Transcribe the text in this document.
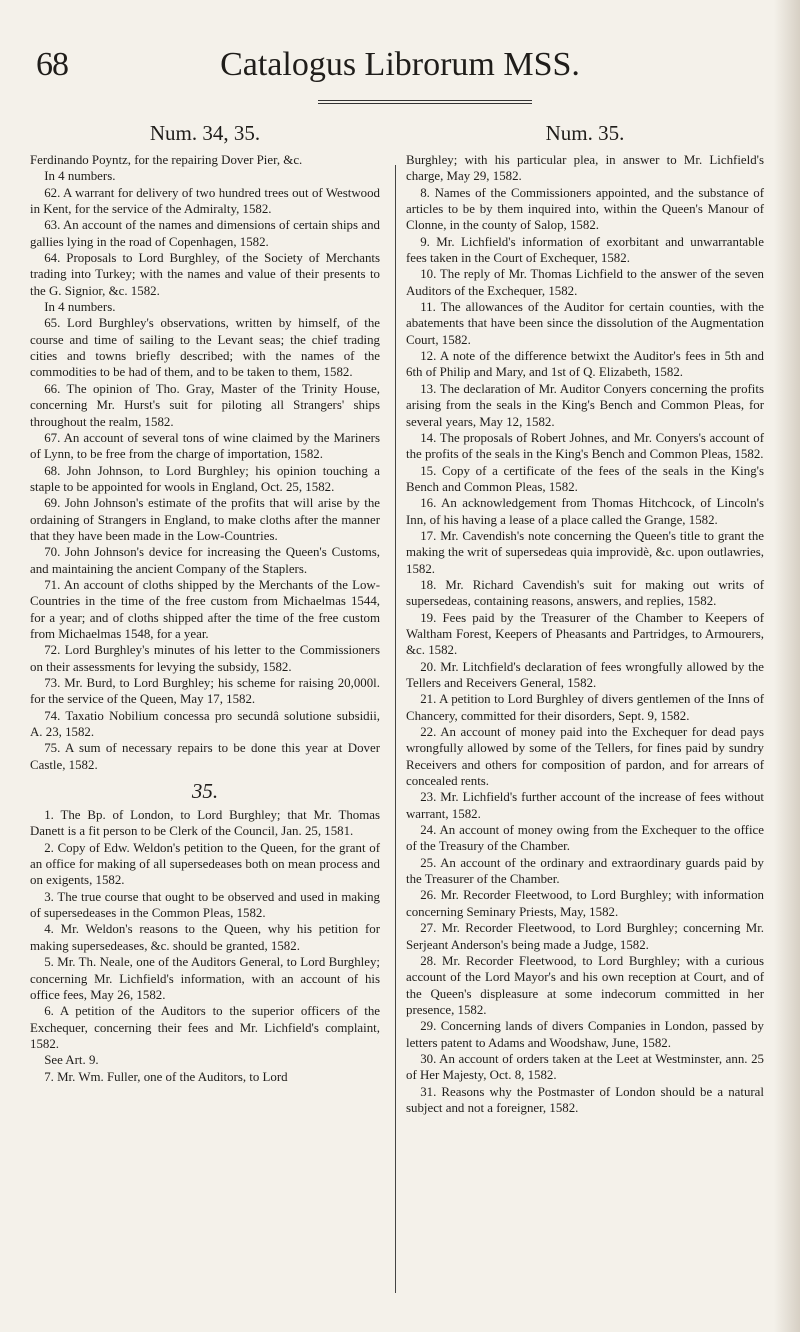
68	Catalogus Librorum MSS.
Num. 34, 35.

Ferdinando Poyntz, for the repairing Dover Pier, &c.

In 4 numbers.

62. A warrant for delivery of two hundred trees out of Westwood in Kent, for the service of the Admiralty, 1582.

63. An account of the names and dimensions of certain ships and gallies lying in the road of Copenhagen, 1582.

64. Proposals to Lord Burghley, of the Society of Merchants trading into Turkey; with the names and value of their presents to the G. Signior, &c. 1582.

In 4 numbers.

65. Lord Burghley's observations, written by himself, of the course and time of sailing to the Levant seas; the chief trading cities and towns briefly described; with the names of the commodities to be had of them, and to be taken to them, 1582.

66. The opinion of Tho. Gray, Master of the Trinity House, concerning Mr. Hurst's suit for piloting all Strangers' ships throughout the realm, 1582.

67. An account of several tons of wine claimed by the Mariners of Lynn, to be free from the charge of importation, 1582.

68. John Johnson, to Lord Burghley; his opinion touching a staple to be appointed for wools in England, Oct. 25, 1582.

69. John Johnson's estimate of the profits that will arise by the ordaining of Strangers in England, to make cloths after the manner that they have been made in the Low-Countries.

70. John Johnson's device for increasing the Queen's Customs, and maintaining the ancient Company of the Staplers.

71. An account of cloths shipped by the Merchants of the Low-Countries in the time of the free custom from Michaelmas 1544, for a year; and of cloths shipped after the time of the free custom from Michaelmas 1548, for a year.

72. Lord Burghley's minutes of his letter to the Commissioners on their assessments for levying the subsidy, 1582.

73. Mr. Burd, to Lord Burghley; his scheme for raising 20,000l. for the service of the Queen, May 17, 1582.

74. Taxatio Nobilium concessa pro secundâ solutione subsidii, A. 23, 1582.

75. A sum of necessary repairs to be done this year at Dover Castle, 1582.

35.

1. The Bp. of London, to Lord Burghley; that Mr. Thomas Danett is a fit person to be Clerk of the Council, Jan. 25, 1581.

2. Copy of Edw. Weldon's petition to the Queen, for the grant of an office for making of all supersedeases both on mean process and on exigents, 1582.

3. The true course that ought to be observed and used in making of supersedeases in the Common Pleas, 1582.

4. Mr. Weldon's reasons to the Queen, why his petition for making supersedeases, &c. should be granted, 1582.

5. Mr. Th. Neale, one of the Auditors General, to Lord Burghley; concerning Mr. Lichfield's information, with an account of his office fees, May 26, 1582.

6. A petition of the Auditors to the superior officers of the Exchequer, concerning their fees and Mr. Lichfield's complaint, 1582.

See Art. 9.

7. Mr. Wm. Fuller, one of the Auditors, to Lord

Num. 35.

Burghley; with his particular plea, in answer to Mr. Lichfield's charge, May 29, 1582.

8. Names of the Commissioners appointed, and the substance of articles to be by them inquired into, within the Queen's Manour of Clonne, in the county of Salop, 1582.

9. Mr. Lichfield's information of exorbitant and unwarrantable fees taken in the Court of Exchequer, 1582.

10. The reply of Mr. Thomas Lichfield to the answer of the seven Auditors of the Exchequer, 1582.

11. The allowances of the Auditor for certain counties, with the abatements that have been since the dissolution of the Augmentation Court, 1582.

12. A note of the difference betwixt the Auditor's fees in 5th and 6th of Philip and Mary, and 1st of Q. Elizabeth, 1582.

13. The declaration of Mr. Auditor Conyers concerning the profits arising from the seals in the King's Bench and Common Pleas, for several years, May 12, 1582.

14. The proposals of Robert Johnes, and Mr. Conyers's account of the profits of the seals in the King's Bench and Common Pleas, 1582.

15. Copy of a certificate of the fees of the seals in the King's Bench and Common Pleas, 1582.

16. An acknowledgement from Thomas Hitchcock, of Lincoln's Inn, of his having a lease of a place called the Grange, 1582.

17. Mr. Cavendish's note concerning the Queen's title to grant the making the writ of supersedeas quia improvidè, &c. upon outlawries, 1582.

18. Mr. Richard Cavendish's suit for making out writs of supersedeas, containing reasons, answers, and replies, 1582.

19. Fees paid by the Treasurer of the Chamber to Keepers of Waltham Forest, Keepers of Pheasants and Partridges, to Armourers, &c. 1582.

20. Mr. Litchfield's declaration of fees wrongfully allowed by the Tellers and Receivers General, 1582.

21. A petition to Lord Burghley of divers gentlemen of the Inns of Chancery, committed for their disorders, Sept. 9, 1582.

22. An account of money paid into the Exchequer for dead pays wrongfully allowed by some of the Tellers, for fines paid by sundry Receivers and others for composition of pardon, and for arrears of concealed rents.

23. Mr. Lichfield's further account of the increase of fees without warrant, 1582.

24. An account of money owing from the Exchequer to the office of the Treasury of the Chamber.

25. An account of the ordinary and extraordinary guards paid by the Treasurer of the Chamber.

26. Mr. Recorder Fleetwood, to Lord Burghley; with information concerning Seminary Priests, May, 1582.

27. Mr. Recorder Fleetwood, to Lord Burghley; concerning Mr. Serjeant Anderson's being made a Judge, 1582.

28. Mr. Recorder Fleetwood, to Lord Burghley; with a curious account of the Lord Mayor's and his own reception at Court, and of the Queen's displeasure at some indecorum committed in her presence, 1582.

29. Concerning lands of divers Companies in London, passed by letters patent to Adams and Woodshaw, June, 1582.

30. An account of orders taken at the Leet at Westminster, ann. 25 of Her Majesty, Oct. 8, 1582.

31. Reasons why the Postmaster of London should be a natural subject and not a foreigner, 1582.
